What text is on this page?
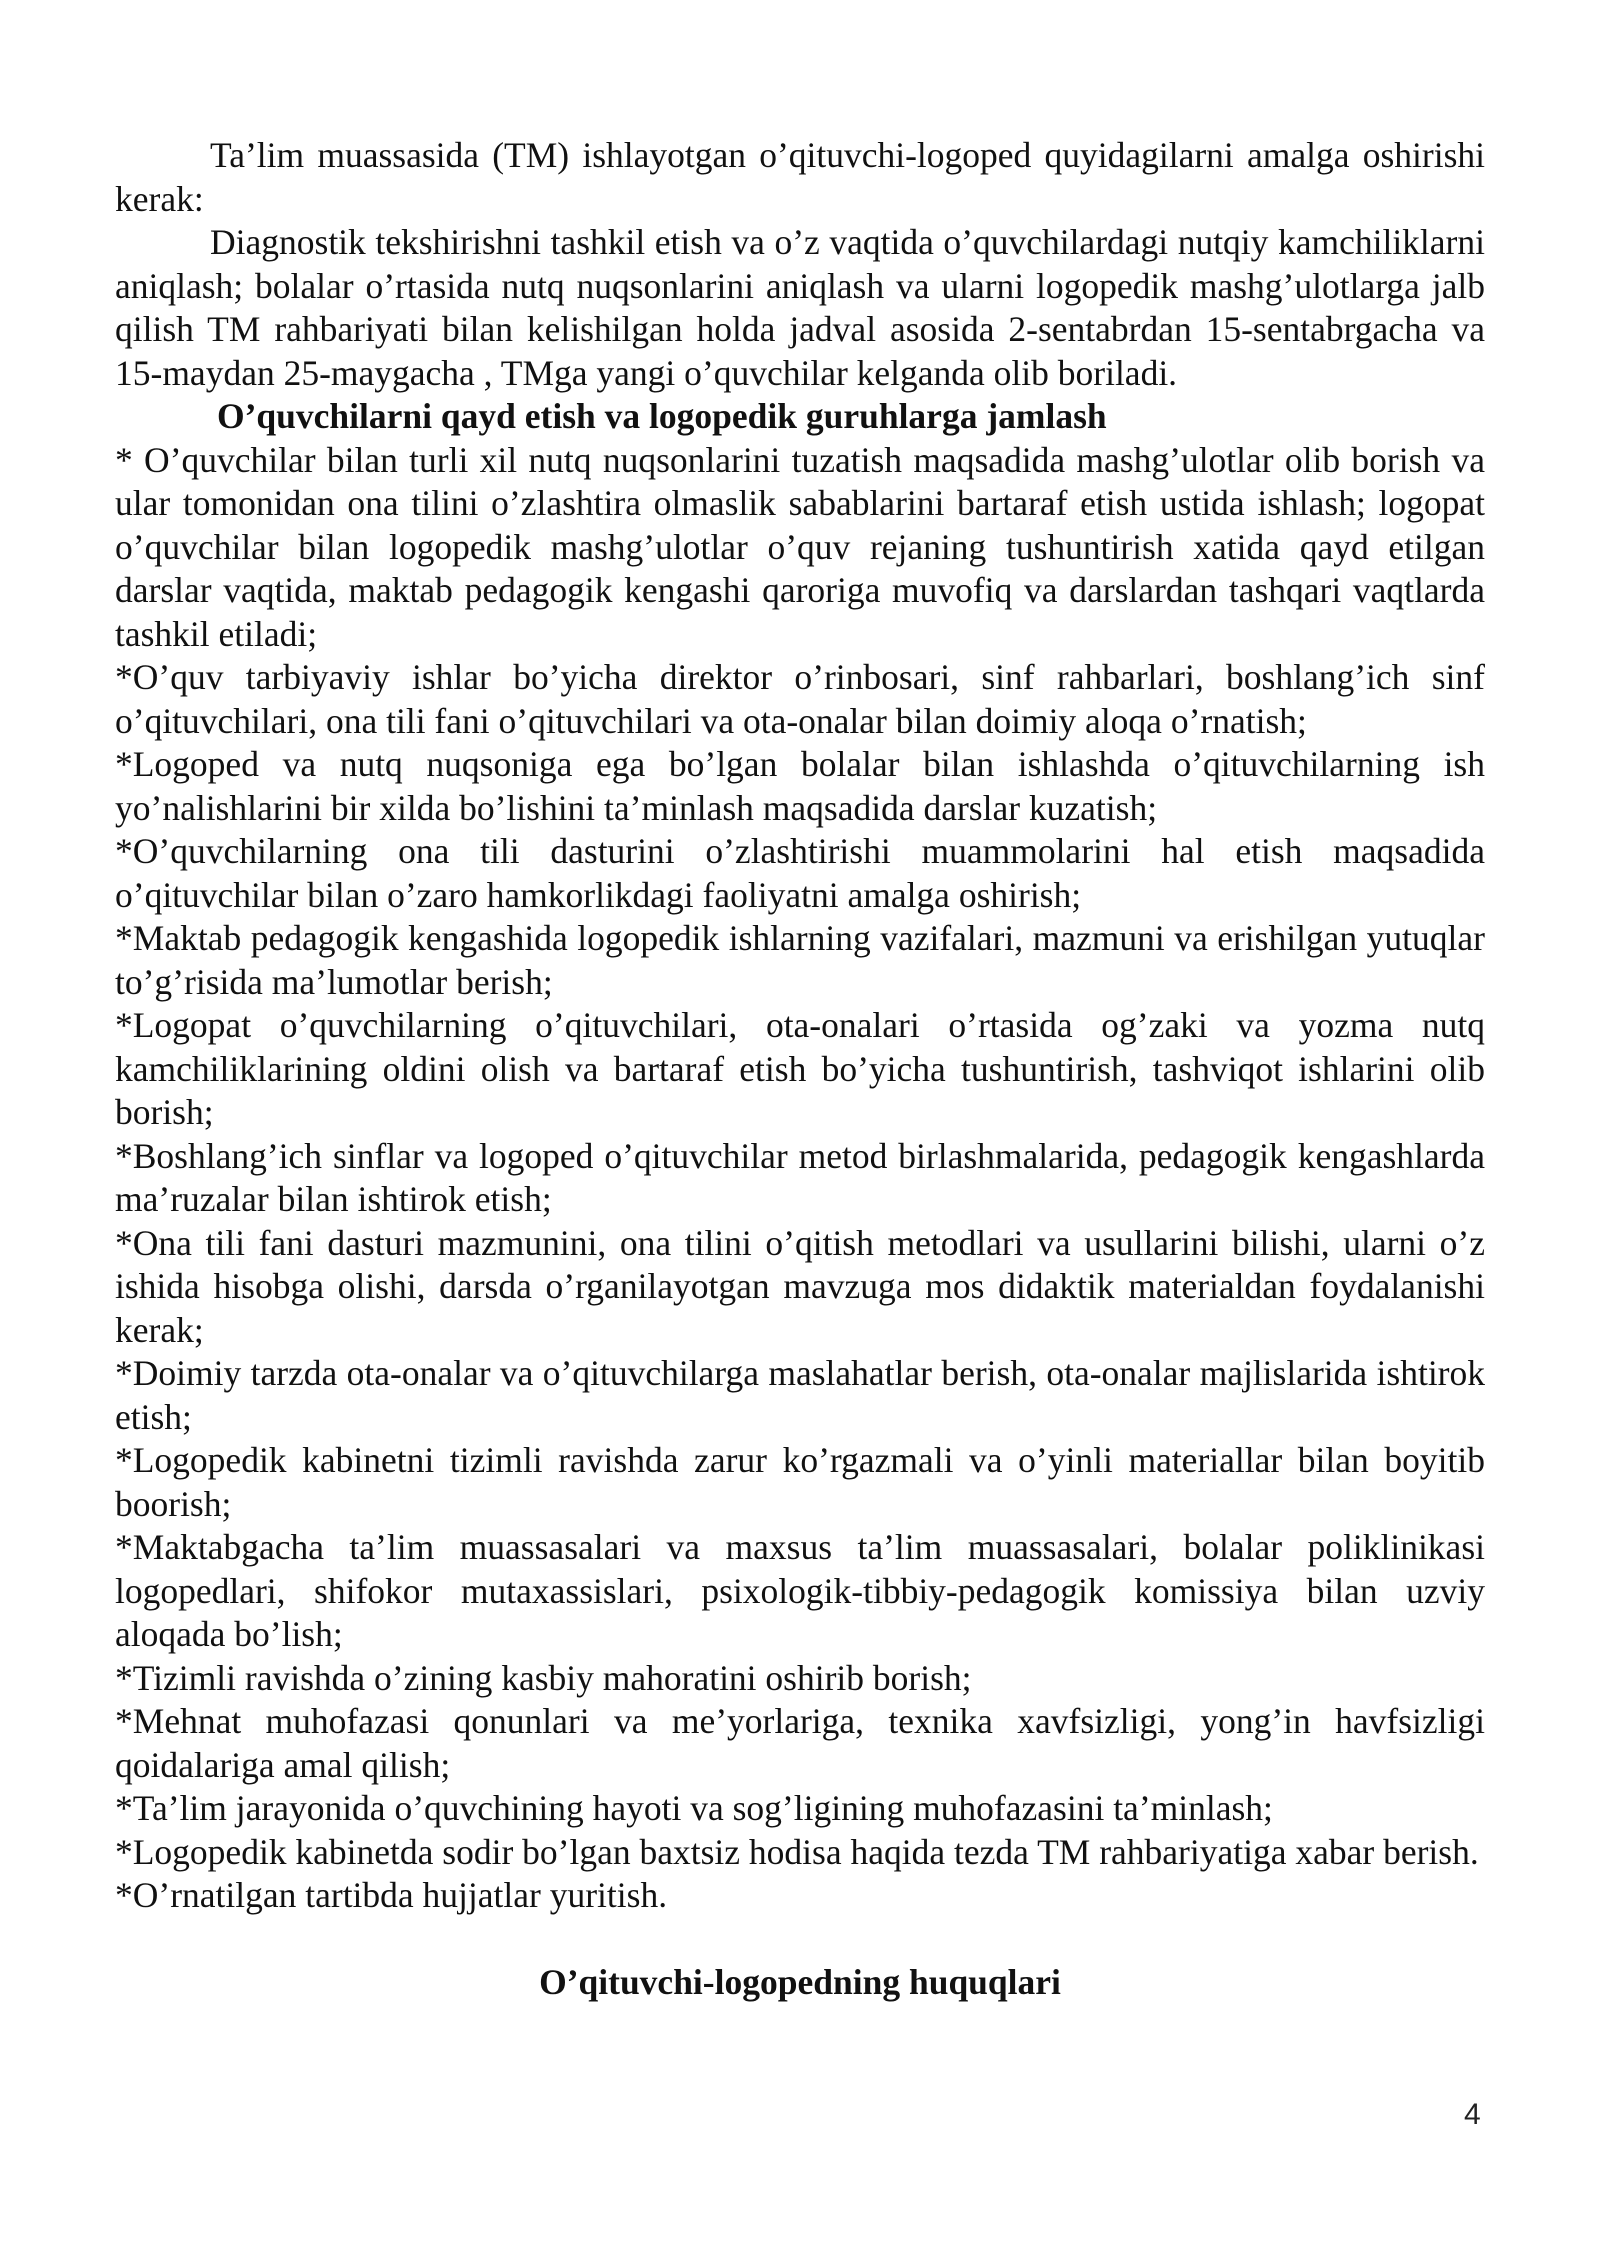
Ta’lim muassasida (TM) ishlayotgan o’qituvchi-logoped quyidagilarni amalga oshirishi kerak:

Diagnostik tekshirishni tashkil etish va o’z vaqtida o’quvchilardagi nutqiy kamchiliklarni aniqlash; bolalar o’rtasida nutq nuqsonlarini aniqlash va ularni logopedik mashg’ulotlarga jalb qilish TM rahbariyati bilan kelishilgan holda jadval asosida 2-sentabrdan 15-sentabrgacha va 15-maydan 25-maygacha , TMga yangi o’quvchilar kelganda olib boriladi.

O’quvchilarni qayd etish va logopedik guruhlarga jamlash

* O’quvchilar bilan turli xil nutq nuqsonlarini tuzatish maqsadida mashg’ulotlar olib borish va ular tomonidan ona tilini o’zlashtira olmaslik sabablarini bartaraf etish ustida ishlash; logopat o’quvchilar bilan logopedik mashg’ulotlar o’quv rejaning tushuntirish xatida qayd etilgan darslar vaqtida, maktab pedagogik kengashi qaroriga muvofiq va darslardan tashqari vaqtlarda tashkil etiladi;

*O’quv tarbiyaviy ishlar bo’yicha direktor o’rinbosari, sinf rahbarlari, boshlang’ich sinf o’qituvchilari, ona tili fani o’qituvchilari va ota-onalar bilan doimiy aloqa o’rnatish;

*Logoped va nutq nuqsoniga ega bo’lgan bolalar bilan ishlashda o’qituvchilarning ish yo’nalishlarini bir xilda bo’lishini ta’minlash maqsadida darslar kuzatish;

*O’quvchilarning ona tili dasturini o’zlashtirishi muammolarini hal etish maqsadida o’qituvchilar bilan o’zaro hamkorlikdagi faoliyatni amalga oshirish;

*Maktab pedagogik kengashida logopedik ishlarning vazifalari, mazmuni va erishilgan yutuqlar to’g’risida ma’lumotlar berish;

*Logopat o’quvchilarning o’qituvchilari, ota-onalari o’rtasida og’zaki va yozma nutq kamchiliklarining oldini olish va bartaraf etish bo’yicha tushuntirish, tashviqot ishlarini olib borish;

*Boshlang’ich sinflar va logoped o’qituvchilar metod birlashmalarida, pedagogik kengashlarda ma’ruzalar bilan ishtirok etish;

*Ona tili fani dasturi mazmunini, ona tilini o’qitish metodlari va usullarini bilishi, ularni o’z ishida hisobga olishi, darsda o’rganilayotgan mavzuga mos didaktik materialdan foydalanishi kerak;

*Doimiy tarzda ota-onalar va o’qituvchilarga maslahatlar berish, ota-onalar majlislarida ishtirok etish;

*Logopedik kabinetni tizimli ravishda zarur ko’rgazmali va o’yinli materiallar bilan boyitib boorish;

*Maktabgacha ta’lim muassasalari va maxsus ta’lim muassasalari, bolalar poliklinikasi logopedlari, shifokor mutaxassislari, psixologik-tibbiy-pedagogik komissiya bilan uzviy aloqada bo’lish;

*Tizimli ravishda o’zining kasbiy mahoratini oshirib borish;

*Mehnat muhofazasi qonunlari va me’yorlariga, texnika xavfsizligi, yong’in havfsizligi qoidalariga amal qilish;

*Ta’lim jarayonida o’quvchining hayoti va sog’ligining muhofazasini ta’minlash;

*Logopedik kabinetda sodir bo’lgan baxtsiz hodisa haqida tezda TM rahbariyatiga xabar berish.

*O’rnatilgan tartibda hujjatlar yuritish.

O’qituvchi-logopedning huquqlari

4
